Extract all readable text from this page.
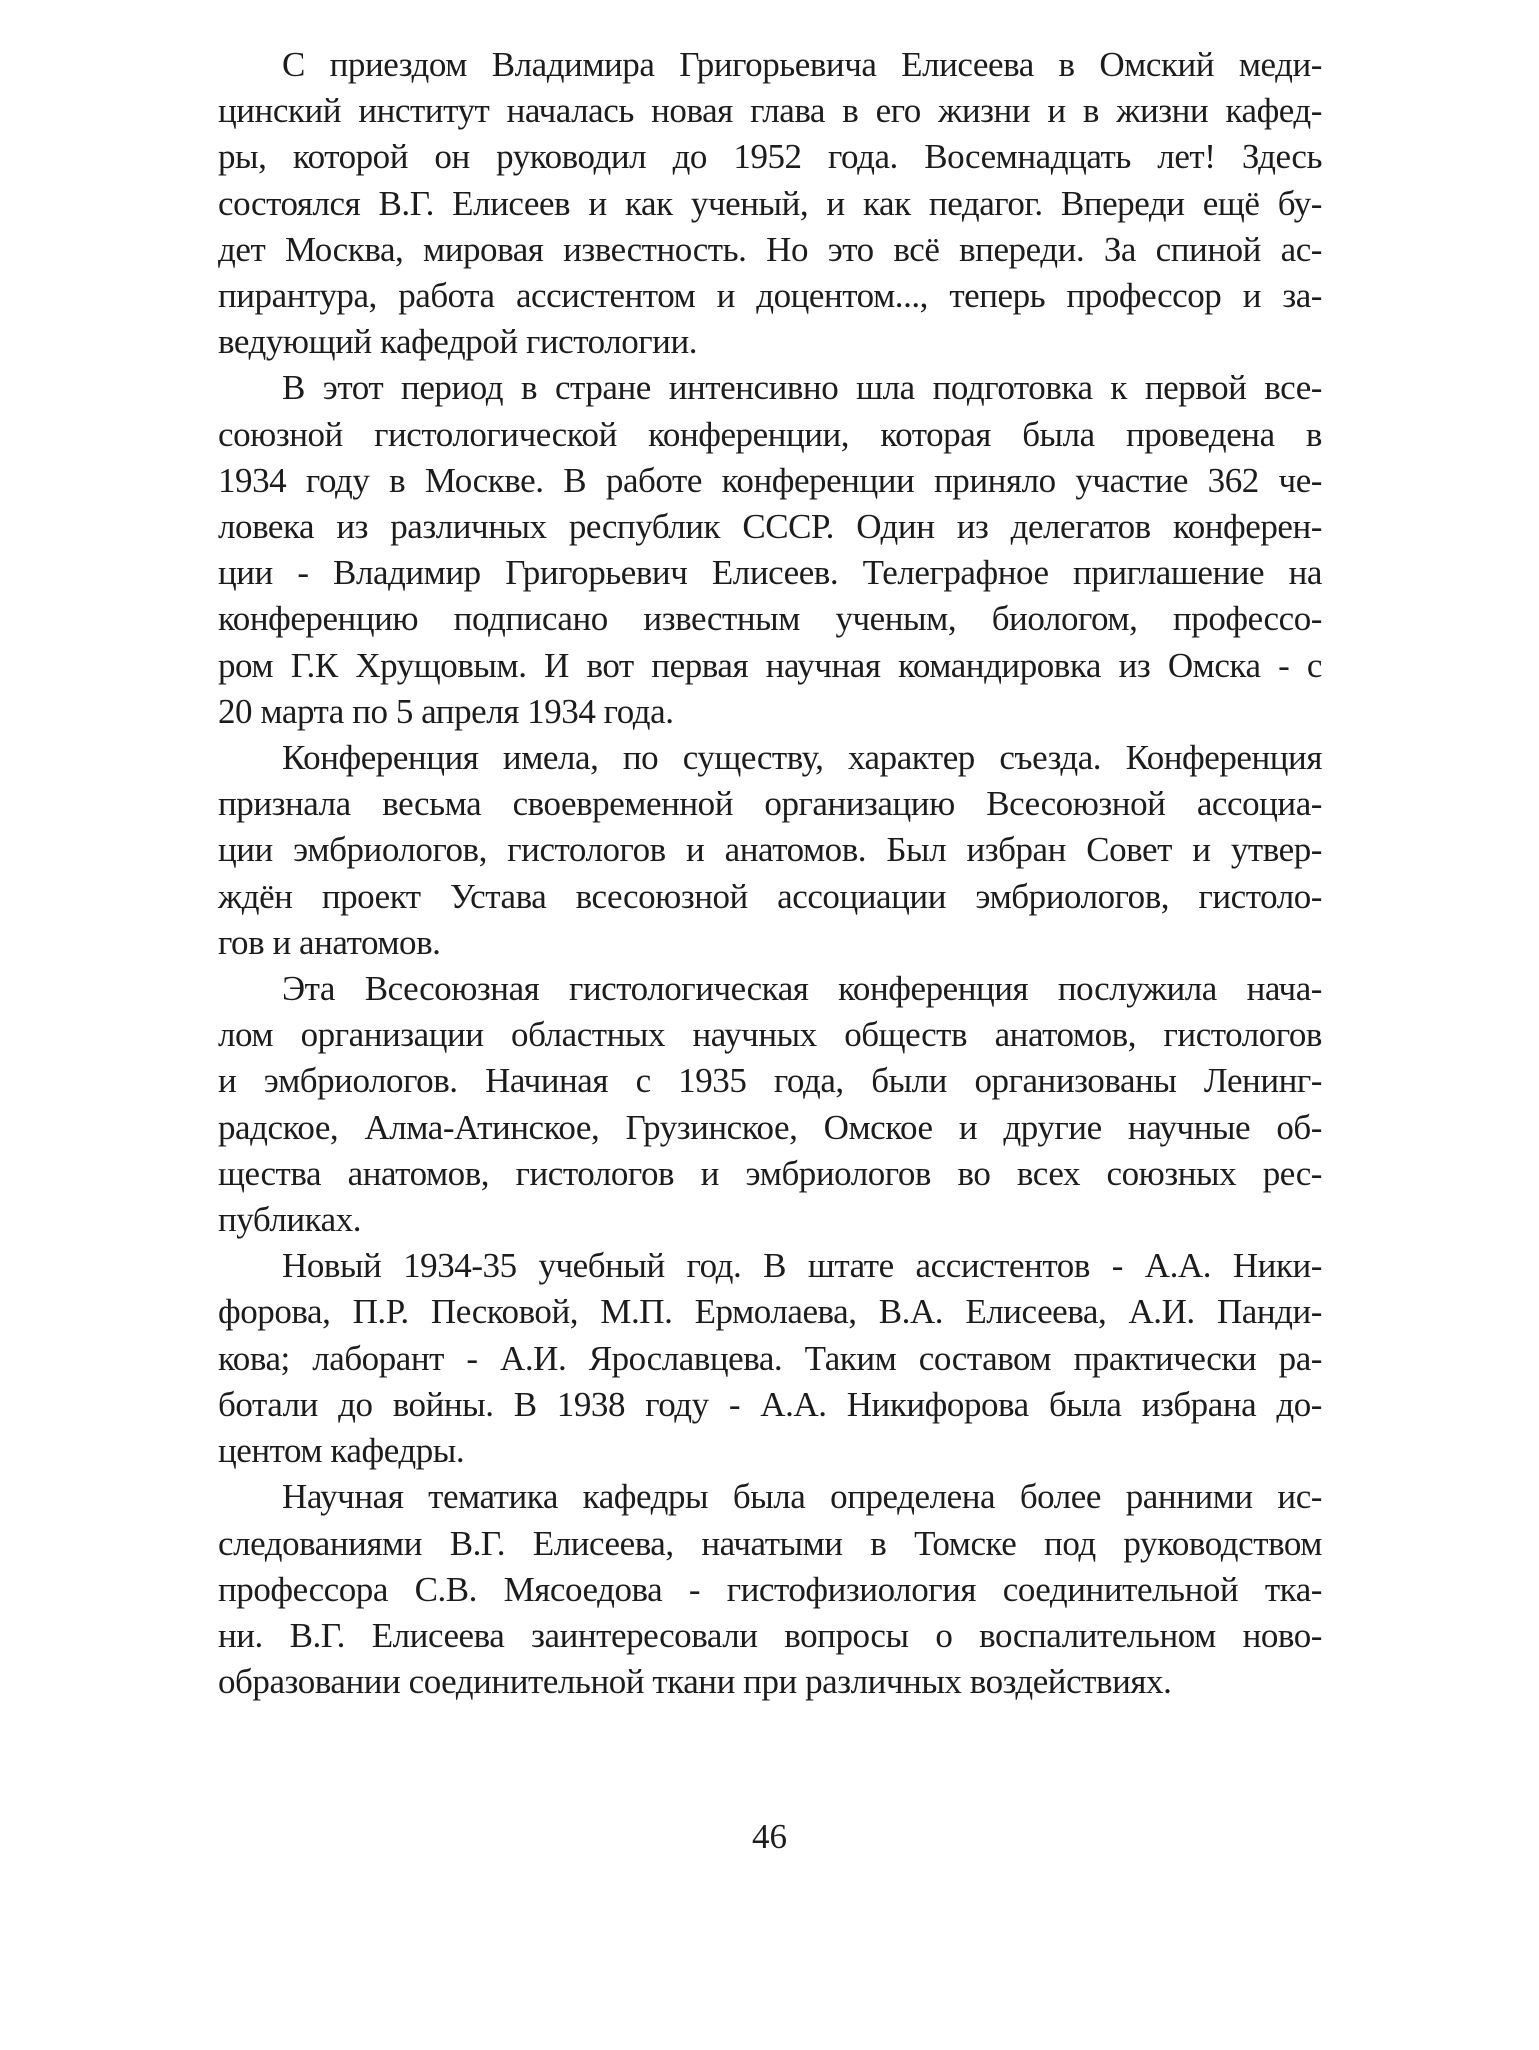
С приездом Владимира Григорьевича Елисеева в Омский меди-
цинский институт началась новая глава в его жизни и в жизни кафед-
ры, которой он руководил до 1952 года. Восемнадцать лет! Здесь
состоялся В.Г. Елисеев и как ученый, и как педагог. Впереди ещё бу-
дет Москва, мировая известность. Но это всё впереди. За спиной ас-
пирантура, работа ассистентом и доцентом..., теперь профессор и за-
ведующий кафедрой гистологии.

В этот период в стране интенсивно шла подготовка к первой все-
союзной гистологической конференции, которая была проведена в
1934 году в Москве. В работе конференции приняло участие 362 че-
ловека из различных республик СССР. Один из делегатов конферен-
ции - Владимир Григорьевич Елисеев. Телеграфное приглашение на
конференцию подписано известным ученым, биологом, профессо-
ром Г.К Хрущовым. И вот первая научная командировка из Омска - с
20 марта по 5 апреля 1934 года.

Конференция имела, по существу, характер съезда. Конференция
признала весьма своевременной организацию Всесоюзной ассоциа-
ции эмбриологов, гистологов и анатомов. Был избран Совет и утвер-
ждён проект Устава всесоюзной ассоциации эмбриологов, гистоло-
гов и анатомов.

Эта Всесоюзная гистологическая конференция послужила нача-
лом организации областных научных обществ анатомов, гистологов
и эмбриологов. Начиная с 1935 года, были организованы Ленинг-
радское, Алма-Атинское, Грузинское, Омское и другие научные об-
щества анатомов, гистологов и эмбриологов во всех союзных рес-
публиках.

Новый 1934-35 учебный год. В штате ассистентов - А.А. Ники-
форова, П.Р. Песковой, М.П. Ермолаева, В.А. Елисеева, А.И. Панди-
кова; лаборант - А.И. Ярославцева. Таким составом практически ра-
ботали до войны. В 1938 году - А.А. Никифорова была избрана до-
центом кафедры.

Научная тематика кафедры была определена более ранними ис-
следованиями В.Г. Елисеева, начатыми в Томске под руководством
профессора С.В. Мясоедова - гистофизиология соединительной тка-
ни. В.Г. Елисеева заинтересовали вопросы о воспалительном ново-
образовании соединительной ткани при различных воздействиях.

46
